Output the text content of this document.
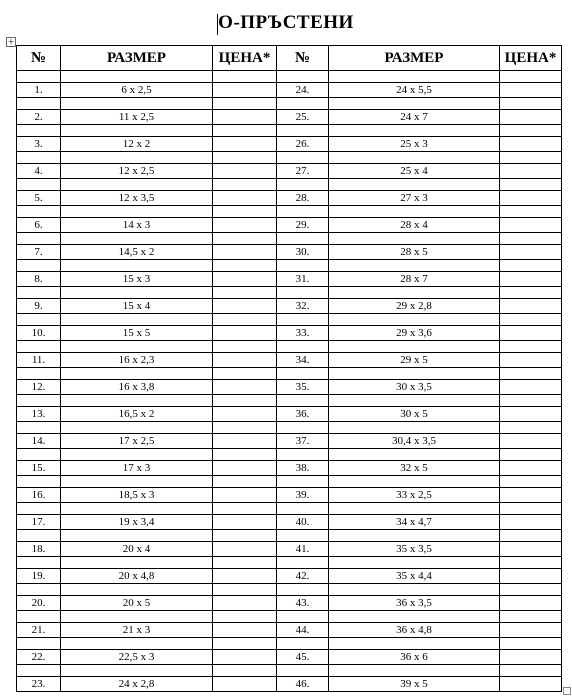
О-ПРЪСТЕНИ
+
№	РАЗМЕР	ЦЕНА*	№	РАЗМЕР	ЦЕНА*

1.	6 x 2,5		24.	24 x 5,5	

2.	11 x 2,5		25.	24 x 7	

3.	12 x 2		26.	25 x 3	

4.	12 x 2,5		27.	25 x 4	

5.	12 x 3,5		28.	27 x 3	

6.	14 x 3		29.	28 x 4	

7.	14,5 x 2		30.	28 x 5	

8.	15 x 3		31.	28 x 7	

9.	15 x 4		32.	29 x 2,8	

10.	15 x 5		33.	29 x 3,6	

11.	16 x 2,3		34.	29 x 5	

12.	16 x 3,8		35.	30 x 3,5	

13.	16,5 x 2		36.	30 x 5	

14.	17 x 2,5		37.	30,4 x 3,5	

15.	17 x 3		38.	32 x 5	

16.	18,5 x 3		39.	33 x 2,5	

17.	19 x 3,4		40.	34 x 4,7	

18.	20 x 4		41.	35 x 3,5	

19.	20 x 4,8		42.	35 x 4,4	

20.	20 x 5		43.	36 x 3,5	

21.	21 x 3		44.	36 x 4,8	

22.	22,5 x 3		45.	36 x 6	

23.	24 x 2,8		46.	39 x 5	
